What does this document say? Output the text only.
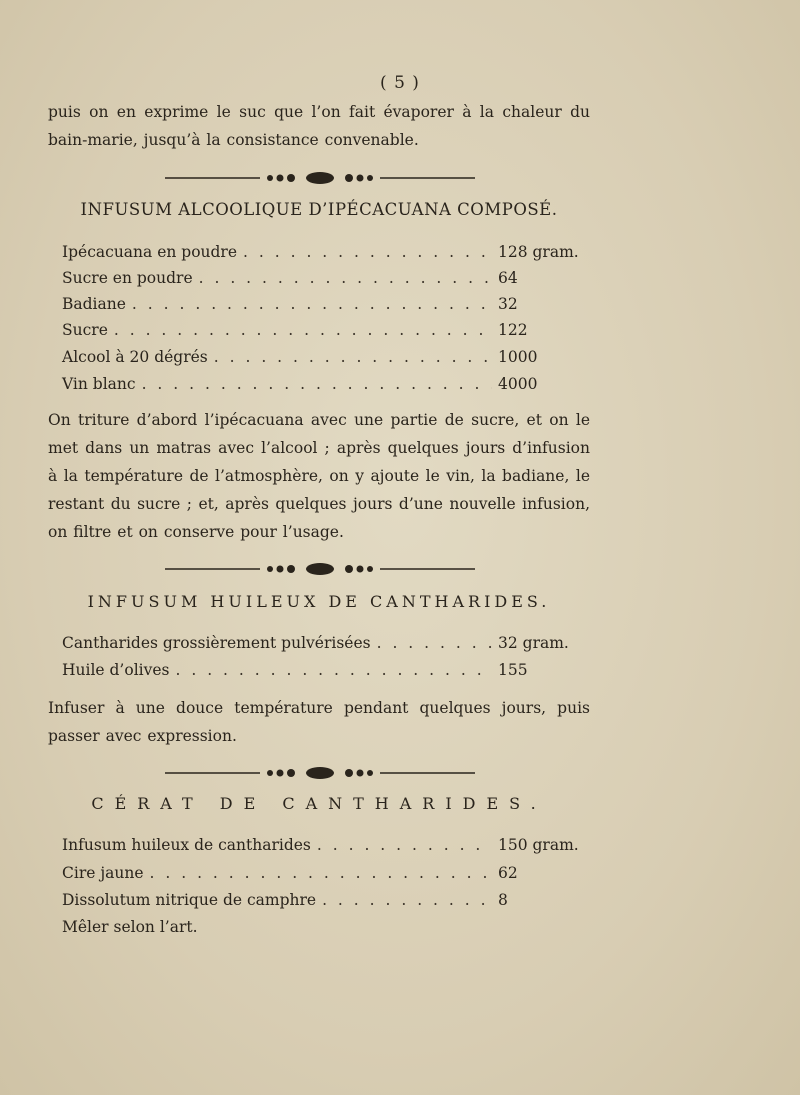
( 5 )
puis on en exprime le suc que l’on fait évaporer à la chaleur du bain-marie, jusqu’à la consistance convenable.
INFUSUM ALCOOLIQUE D’IPÉCACUANA COMPOSÉ.
Ipécacuana en poudre . . .	128 gram.
Sucre en poudre . . .	64
Badiane . . .	32
Sucre . . .	122
Alcool à 20 dégrés . . .	1000
Vin blanc . . .	4000
On triture d’abord l’ipécacuana avec une partie de sucre, et on le met dans un matras avec l’alcool ; après quelques jours d’infusion à la température de l’atmosphère, on y ajoute le vin, la badiane, le restant du sucre ; et, après quelques jours d’une nouvelle infusion, on filtre et on conserve pour l’usage.
INFUSUM HUILEUX DE CANTHARIDES.
Cantharides grossièrement pulvérisées . . .	32 gram.
Huile d’olives . . .	155
Infuser à une douce température pendant quelques jours, puis passer avec expression.
CÉRAT DE CANTHARIDES.
Infusum huileux de cantharides . . .	150 gram.
Cire jaune . . .	62
Dissolutum nitrique de camphre . . .	8
Mêler selon l’art.
